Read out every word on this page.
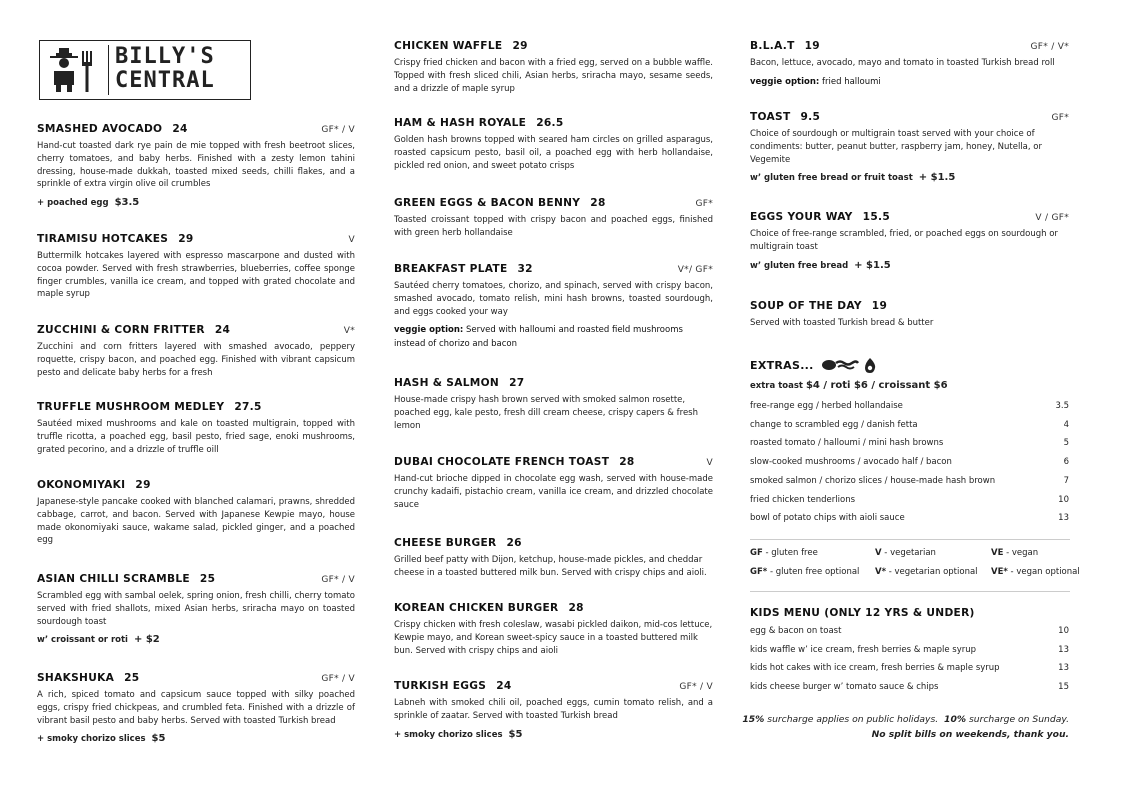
BILLY'S
CENTRAL
SMASHED AVOCADO 24	GF* / V
Hand-cut toasted dark rye pain de mie topped with fresh beetroot slices, cherry tomatoes, and baby herbs. Finished with a zesty lemon tahini dressing, house-made dukkah, toasted mixed seeds, chilli flakes, and a sprinkle of extra virgin olive oil crumbles
+ poached egg $3.5
TIRAMISU HOTCAKES 29	V
Buttermilk hotcakes layered with espresso mascarpone and dusted with cocoa powder. Served with fresh strawberries, blueberries, coffee sponge finger crumbles, vanilla ice cream, and topped with grated chocolate and maple syrup
ZUCCHINI & CORN FRITTER 24	V*
Zucchini and corn fritters layered with smashed avocado, peppery roquette, crispy bacon, and poached egg. Finished with vibrant capsicum pesto and delicate baby herbs for a fresh
TRUFFLE MUSHROOM MEDLEY 27.5
Sautéed mixed mushrooms and kale on toasted multigrain, topped with truffle ricotta, a poached egg, basil pesto, fried sage, enoki mushrooms, grated pecorino, and a drizzle of truffle oill
OKONOMIYAKI 29
Japanese-style pancake cooked with blanched calamari, prawns, shredded cabbage, carrot, and bacon. Served with Japanese Kewpie mayo, house made okonomiyaki sauce, wakame salad, pickled ginger, and a poached egg
ASIAN CHILLI SCRAMBLE 25	GF* / V
Scrambled egg with sambal oelek, spring onion, fresh chilli, cherry tomato served with fried shallots, mixed Asian herbs, sriracha mayo on toasted sourdough toast
w’ croissant or roti + $2
SHAKSHUKA 25	GF* / V
A rich, spiced tomato and capsicum sauce topped with silky poached eggs, crispy fried chickpeas, and crumbled feta. Finished with a drizzle of vibrant basil pesto and baby herbs. Served with toasted Turkish bread
+ smoky chorizo slices $5
CHICKEN WAFFLE 29
Crispy fried chicken and bacon with a fried egg, served on a bubble waffle. Topped with fresh sliced chili, Asian herbs, sriracha mayo, sesame seeds, and a drizzle of maple syrup
HAM & HASH ROYALE 26.5
Golden hash browns topped with seared ham circles on grilled asparagus, roasted capsicum pesto, basil oil, a poached egg with herb hollandaise, pickled red onion, and sweet potato crisps
GREEN EGGS & BACON BENNY 28	GF*
Toasted croissant topped with crispy bacon and poached eggs, finished with green herb hollandaise
BREAKFAST PLATE 32	V*/ GF*
Sautéed cherry tomatoes, chorizo, and spinach, served with crispy bacon, smashed avocado, tomato relish, mini hash browns, toasted sourdough, and eggs cooked your way
veggie option: Served with halloumi and roasted field mushrooms instead of chorizo and bacon
HASH & SALMON 27
House-made crispy hash brown served with smoked salmon rosette, poached egg, kale pesto, fresh dill cream cheese, crispy capers & fresh lemon
DUBAI CHOCOLATE FRENCH TOAST 28	V
Hand-cut brioche dipped in chocolate egg wash, served with house-made crunchy kadaifi, pistachio cream, vanilla ice cream, and drizzled chocolate sauce
CHEESE BURGER 26
Grilled beef patty with Dijon, ketchup, house-made pickles, and cheddar cheese in a toasted buttered milk bun. Served with crispy chips and aioli.
KOREAN CHICKEN BURGER 28
Crispy chicken with fresh coleslaw, wasabi pickled daikon, mid-cos lettuce, Kewpie mayo, and Korean sweet-spicy sauce in a toasted buttered milk bun. Served with crispy chips and aioli
TURKISH EGGS 24	GF* / V
Labneh with smoked chili oil, poached eggs, cumin tomato relish, and a sprinkle of zaatar. Served with toasted Turkish bread
+ smoky chorizo slices $5
B.L.A.T 19	GF* / V*
Bacon, lettuce, avocado, mayo and tomato in toasted Turkish bread roll
veggie option: fried halloumi
TOAST 9.5	GF*
Choice of sourdough or multigrain toast served with your choice of condiments: butter, peanut butter, raspberry jam, honey, Nutella, or Vegemite
w’ gluten free bread or fruit toast + $1.5
EGGS YOUR WAY 15.5	V / GF*
Choice of free-range scrambled, fried, or poached eggs on sourdough or multigrain toast
w’ gluten free bread + $1.5
SOUP OF THE DAY 19
Served with toasted Turkish bread & butter
EXTRAS...
extra toast $4 / roti $6 / croissant $6
free-range egg / herbed hollandaise	3.5
change to scrambled egg / danish fetta	4
roasted tomato / halloumi / mini hash browns	5
slow-cooked mushrooms / avocado half / bacon	6
smoked salmon / chorizo slices / house-made hash brown	7
fried chicken tenderlions	10
bowl of potato chips with aioli sauce	13
GF - gluten free	V - vegetarian	VE - vegan
GF* - gluten free optional	V* - vegetarian optional	VE* - vegan optional
KIDS MENU (ONLY 12 YRS & UNDER)
egg & bacon on toast	10
kids waffle w’ ice cream, fresh berries & maple syrup	13
kids hot cakes with ice cream, fresh berries & maple syrup	13
kids cheese burger w’ tomato sauce & chips	15
15% surcharge applies on public holidays. 10% surcharge on Sunday.
No split bills on weekends, thank you.
